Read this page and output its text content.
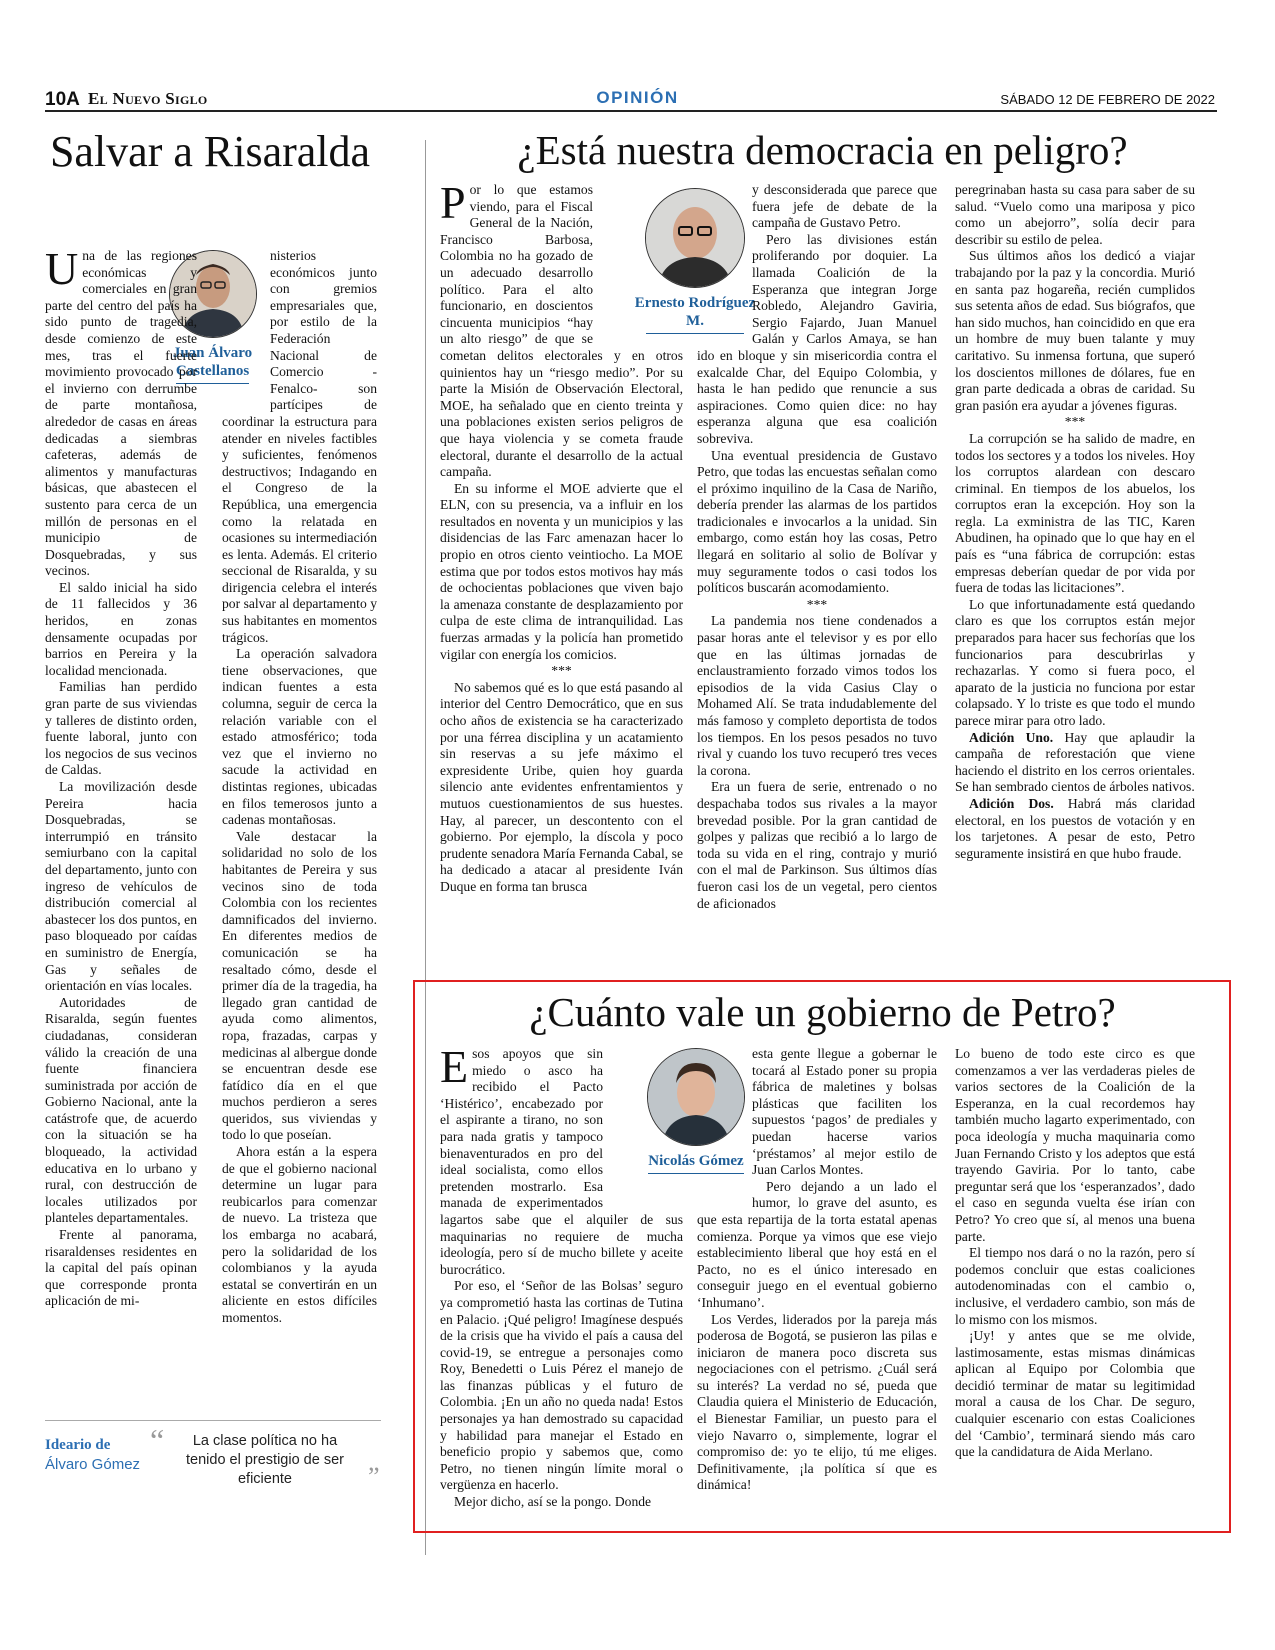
10A El Nuevo Siglo	OPINIÓN	SÁBADO 12 DE FEBRERO DE 2022
Salvar a Risaralda
Juan Álvaro Castellanos

Una de las regiones económicas y comerciales en gran parte del centro del país ha sido punto de tragedia, desde comienzo de este mes, tras el fuerte movimiento provocado por el invierno con derrumbe de parte montañosa, alrededor de casas en áreas dedicadas a siembras cafeteras, además de alimentos y manufacturas básicas, que abastecen el sustento para cerca de un millón de personas en el municipio de Dosquebradas, y sus vecinos.

El saldo inicial ha sido de 11 fallecidos y 36 heridos, en zonas densamente ocupadas por barrios en Pereira y la localidad mencionada.

Familias han perdido gran parte de sus viviendas y talleres de distinto orden, fuente laboral, junto con los negocios de sus vecinos de Caldas.

La movilización desde Pereira hacia Dosquebradas, se interrumpió en tránsito semiurbano con la capital del departamento, junto con ingreso de vehículos de distribución comercial al abastecer los dos puntos, en paso bloqueado por caídas en suministro de Energía, Gas y señales de orientación en vías locales.

Autoridades de Risaralda, según fuentes ciudadanas, consideran válido la creación de una fuente financiera suministrada por acción de Gobierno Nacional, ante la catástrofe que, de acuerdo con la situación se ha bloqueado, la actividad educativa en lo urbano y rural, con destrucción de locales utilizados por planteles departamentales.

Frente al panorama, risaraldenses residentes en la capital del país opinan que corresponde pronta aplicación de mi-

nisterios económicos junto con gremios empresariales que, por estilo de la Federación Nacional de Comercio -Fenalco- son partícipes de coordinar la estructura para atender en niveles factibles y suficientes, fenómenos destructivos; Indagando en el Congreso de la República, una emergencia como la relatada en ocasiones su intermediación es lenta. Además. El criterio seccional de Risaralda, y su dirigencia celebra el interés por salvar al departamento y sus habitantes en momentos trágicos.

La operación salvadora tiene observaciones, que indican fuentes a esta columna, seguir de cerca la relación variable con el estado atmosférico; toda vez que el invierno no sacude la actividad en distintas regiones, ubicadas en filos temerosos junto a cadenas montañosas.

Vale destacar la solidaridad no solo de los habitantes de Pereira y sus vecinos sino de toda Colombia con los recientes damnificados del invierno. En diferentes medios de comunicación se ha resaltado cómo, desde el primer día de la tragedia, ha llegado gran cantidad de ayuda como alimentos, ropa, frazadas, carpas y medicinas al albergue donde se encuentran desde ese fatídico día en el que muchos perdieron a seres queridos, sus viviendas y todo lo que poseían.

Ahora están a la espera de que el gobierno nacional determine un lugar para reubicarlos para comenzar de nuevo. La tristeza que los embarga no acabará, pero la solidaridad de los colombianos y la ayuda estatal se convertirán en un aliciente en estos difíciles momentos.

Ideario de
Álvaro Gómez
“	La clase política no ha tenido el prestigio de ser eficiente	”
¿Está nuestra democracia en peligro?
Ernesto Rodríguez M.

Por lo que estamos viendo, para el Fiscal General de la Nación, Francisco Barbosa, Colombia no ha gozado de un adecuado desarrollo político. Para el alto funcionario, en doscientos cincuenta municipios “hay un alto riesgo” de que se cometan delitos electorales y en otros quinientos hay un “riesgo medio”. Por su parte la Misión de Observación Electoral, MOE, ha señalado que en ciento treinta y una poblaciones existen serios peligros de que haya violencia y se cometa fraude electoral, durante el desarrollo de la actual campaña.

En su informe el MOE advierte que el ELN, con su presencia, va a influir en los resultados en noventa y un municipios y las disidencias de las Farc amenazan hacer lo propio en otros ciento veintiocho. La MOE estima que por todos estos motivos hay más de ochocientas poblaciones que viven bajo la amenaza constante de desplazamiento por culpa de este clima de intranquilidad. Las fuerzas armadas y la policía han prometido vigilar con energía los comicios.

***

No sabemos qué es lo que está pasando al interior del Centro Democrático, que en sus ocho años de existencia se ha caracterizado por una férrea disciplina y un acatamiento sin reservas a su jefe máximo el expresidente Uribe, quien hoy guarda silencio ante evidentes enfrentamientos y mutuos cuestionamientos de sus huestes. Hay, al parecer, un descontento con el gobierno. Por ejemplo, la díscola y poco prudente senadora María Fernanda Cabal, se ha dedicado a atacar al presidente Iván Duque en forma tan brusca

y desconsiderada que parece que fuera jefe de debate de la campaña de Gustavo Petro.

Pero las divisiones están proliferando por doquier. La llamada Coalición de la Esperanza que integran Jorge Robledo, Alejandro Gaviria, Sergio Fajardo, Juan Manuel Galán y Carlos Amaya, se han ido en bloque y sin misericordia contra el exalcalde Char, del Equipo Colombia, y hasta le han pedido que renuncie a sus aspiraciones. Como quien dice: no hay esperanza alguna que esa coalición sobreviva.

Una eventual presidencia de Gustavo Petro, que todas las encuestas señalan como el próximo inquilino de la Casa de Nariño, debería prender las alarmas de los partidos tradicionales e invocarlos a la unidad. Sin embargo, como están hoy las cosas, Petro llegará en solitario al solio de Bolívar y muy seguramente todos o casi todos los políticos buscarán acomodamiento.

***

La pandemia nos tiene condenados a pasar horas ante el televisor y es por ello que en las últimas jornadas de enclaustramiento forzado vimos todos los episodios de la vida Casius Clay o Mohamed Alí. Se trata indudablemente del más famoso y completo deportista de todos los tiempos. En los pesos pesados no tuvo rival y cuando los tuvo recuperó tres veces la corona.

Era un fuera de serie, entrenado o no despachaba todos sus rivales a la mayor brevedad posible. Por la gran cantidad de golpes y palizas que recibió a lo largo de toda su vida en el ring, contrajo y murió con el mal de Parkinson. Sus últimos días fueron casi los de un vegetal, pero cientos de aficionados

peregrinaban hasta su casa para saber de su salud. “Vuelo como una mariposa y pico como un abejorro”, solía decir para describir su estilo de pelea.

Sus últimos años los dedicó a viajar trabajando por la paz y la concordia. Murió en santa paz hogareña, recién cumplidos sus setenta años de edad. Sus biógrafos, que han sido muchos, han coincidido en que era un hombre de muy buen talante y muy caritativo. Su inmensa fortuna, que superó los doscientos millones de dólares, fue en gran parte dedicada a obras de caridad. Su gran pasión era ayudar a jóvenes figuras.

***

La corrupción se ha salido de madre, en todos los sectores y a todos los niveles. Hoy los corruptos alardean con descaro criminal. En tiempos de los abuelos, los corruptos eran la excepción. Hoy son la regla. La exministra de las TIC, Karen Abudinen, ha opinado que lo que hay en el país es “una fábrica de corrupción: estas empresas deberían quedar de por vida por fuera de todas las licitaciones”.

Lo que infortunadamente está quedando claro es que los corruptos están mejor preparados para hacer sus fechorías que los funcionarios para descubrirlas y rechazarlas. Y como si fuera poco, el aparato de la justicia no funciona por estar colapsado. Y lo triste es que todo el mundo parece mirar para otro lado.

Adición Uno. Hay que aplaudir la campaña de reforestación que viene haciendo el distrito en los cerros orientales. Se han sembrado cientos de árboles nativos.

Adición Dos. Habrá más claridad electoral, en los puestos de votación y en los tarjetones. A pesar de esto, Petro seguramente insistirá en que hubo fraude.

¿Cuánto vale un gobierno de Petro?
Nicolás Gómez

Esos apoyos que sin miedo o asco ha recibido el Pacto ‘Histérico’, encabezado por el aspirante a tirano, no son para nada gratis y tampoco bienaventurados en pro del ideal socialista, como ellos pretenden mostrarlo. Esa manada de experimentados lagartos sabe que el alquiler de sus maquinarias no requiere de mucha ideología, pero sí de mucho billete y aceite burocrático.

Por eso, el ‘Señor de las Bolsas’ seguro ya comprometió hasta las cortinas de Tutina en Palacio. ¡Qué peligro! Imagínese después de la crisis que ha vivido el país a causa del covid-19, se entregue a personajes como Roy, Benedetti o Luis Pérez el manejo de las finanzas públicas y el futuro de Colombia. ¡En un año no queda nada! Estos personajes ya han demostrado su capacidad y habilidad para manejar el Estado en beneficio propio y sabemos que, como Petro, no tienen ningún límite moral o vergüenza en hacerlo.

Mejor dicho, así se la pongo. Donde

esta gente llegue a gobernar le tocará al Estado poner su propia fábrica de maletines y bolsas plásticas que faciliten los supuestos ‘pagos’ de prediales y puedan hacerse varios ‘préstamos’ al mejor estilo de Juan Carlos Montes.

Pero dejando a un lado el humor, lo grave del asunto, es que esta repartija de la torta estatal apenas comienza. Porque ya vimos que ese viejo establecimiento liberal que hoy está en el Pacto, no es el único interesado en conseguir juego en el eventual gobierno ‘Inhumano’.

Los Verdes, liderados por la pareja más poderosa de Bogotá, se pusieron las pilas e iniciaron de manera poco discreta sus negociaciones con el petrismo. ¿Cuál será su interés? La verdad no sé, pueda que Claudia quiera el Ministerio de Educación, el Bienestar Familiar, un puesto para el viejo Navarro o, simplemente, lograr el compromiso de: yo te elijo, tú me eliges. Definitivamente, ¡la política sí que es dinámica!

Lo bueno de todo este circo es que comenzamos a ver las verdaderas pieles de varios sectores de la Coalición de la Esperanza, en la cual recordemos hay también mucho lagarto experimentado, con poca ideología y mucha maquinaria como Juan Fernando Cristo y los adeptos que está trayendo Gaviria. Por lo tanto, cabe preguntar será que los ‘esperanzados’, dado el caso en segunda vuelta ése irían con Petro? Yo creo que sí, al menos una buena parte.

El tiempo nos dará o no la razón, pero sí podemos concluir que estas coaliciones autodenominadas con el cambio o, inclusive, el verdadero cambio, son más de lo mismo con los mismos.

¡Uy! y antes que se me olvide, lastimosamente, estas mismas dinámicas aplican al Equipo por Colombia que decidió terminar de matar su legitimidad moral a causa de los Char. De seguro, cualquier escenario con estas Coaliciones del ‘Cambio’, terminará siendo más caro que la candidatura de Aida Merlano.
